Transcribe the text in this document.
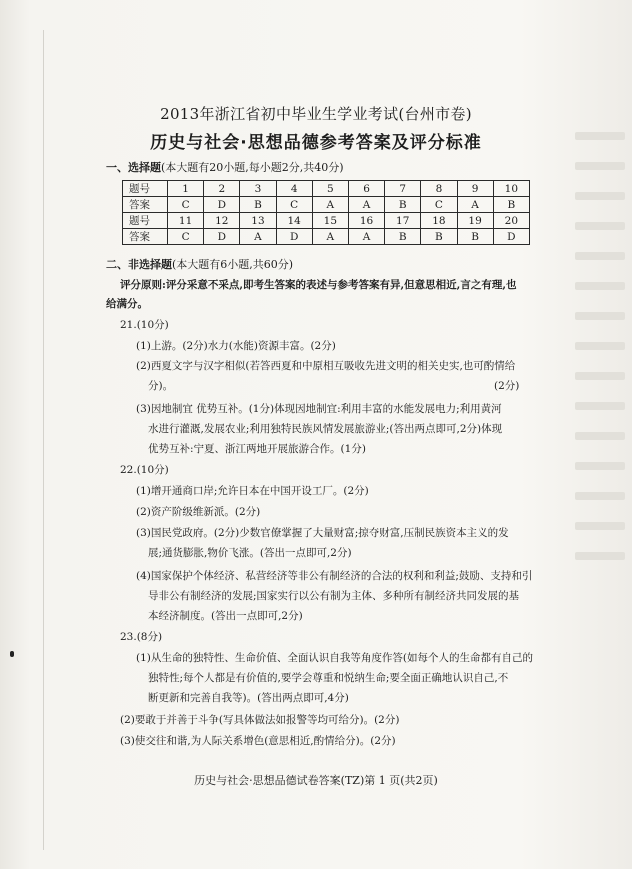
2013年浙江省初中毕业生学业考试(台州市卷)
历史与社会·思想品德参考答案及评分标准
一、选择题(本大题有20小题,每小题2分,共40分)
题号	1	2	3	4	5	6	7	8	9	10
答案	C	D	B	C	A	A	B	C	A	B
题号	11	12	13	14	15	16	17	18	19	20
答案	C	D	A	D	A	A	B	B	B	D
二、非选择题(本大题有6小题,共60分)
评分原则:评分采意不采点,即考生答案的表述与参考答案有异,但意思相近,言之有理,也
给满分。
21.(10分)
(1)上游。(2分)水力(水能)资源丰富。(2分)
(2)西夏文字与汉字相似(若答西夏和中原相互吸收先进文明的相关史实,也可酌情给
分)。	(2分)
(3)因地制宜 优势互补。(1分)体现因地制宜:利用丰富的水能发展电力;利用黄河
水进行灌溉,发展农业;利用独特民族风情发展旅游业;(答出两点即可,2分)体现
优势互补:宁夏、浙江两地开展旅游合作。(1分)
22.(10分)
(1)增开通商口岸;允许日本在中国开设工厂。(2分)
(2)资产阶级维新派。(2分)
(3)国民党政府。(2分)少数官僚掌握了大量财富;掠夺财富,压制民族资本主义的发
展;通货膨胀,物价飞涨。(答出一点即可,2分)
(4)国家保护个体经济、私营经济等非公有制经济的合法的权利和利益;鼓励、支持和引
导非公有制经济的发展;国家实行以公有制为主体、多种所有制经济共同发展的基
本经济制度。(答出一点即可,2分)
23.(8分)
(1)从生命的独特性、生命价值、全面认识自我等角度作答(如每个人的生命都有自己的
独特性;每个人都是有价值的,要学会尊重和悦纳生命;要全面正确地认识自己,不
断更新和完善自我等)。(答出两点即可,4分)
(2)要敢于并善于斗争(写具体做法如报警等均可给分)。(2分)
(3)使交往和谐,为人际关系增色(意思相近,酌情给分)。(2分)
历史与社会·思想品德试卷答案(TZ)第 1 页(共2页)
